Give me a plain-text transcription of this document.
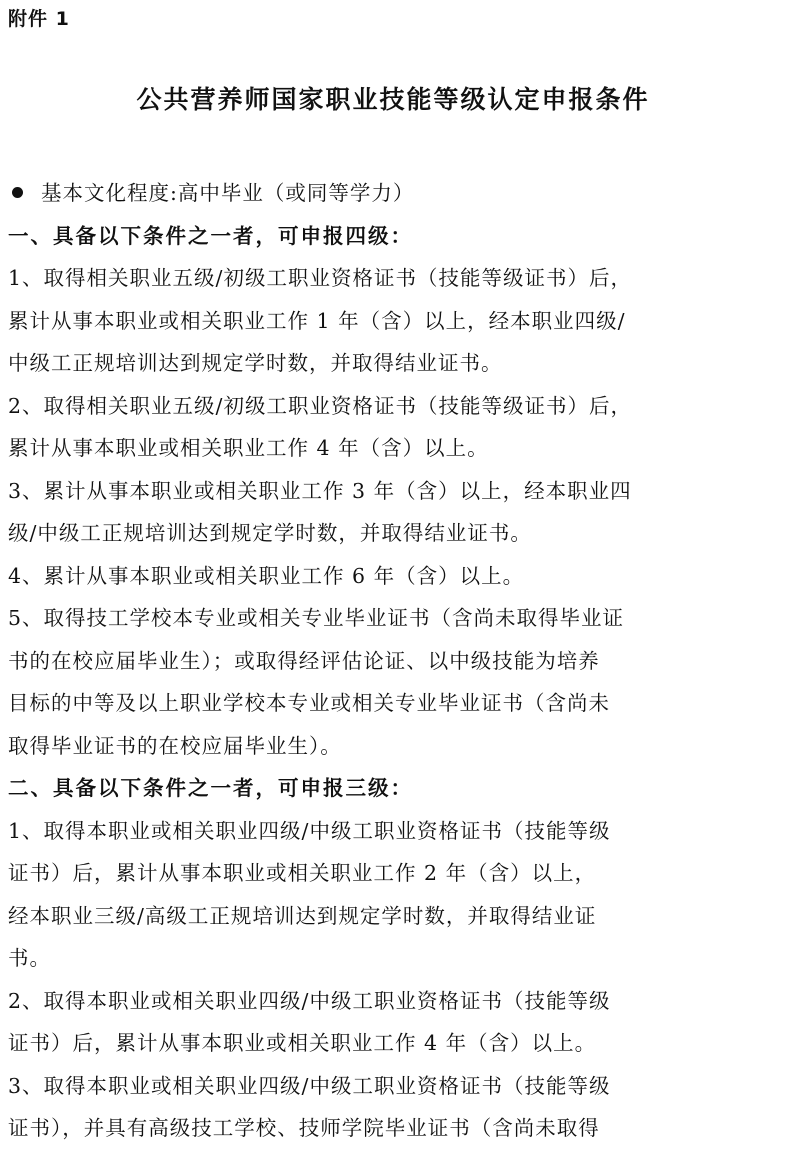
附件 1
公共营养师国家职业技能等级认定申报条件
基本文化程度:高中毕业（或同等学力）
一、具备以下条件之一者，可申报四级：
1、取得相关职业五级/初级工职业资格证书（技能等级证书）后，
累计从事本职业或相关职业工作 1 年（含）以上，经本职业四级/
中级工正规培训达到规定学时数，并取得结业证书。
2、取得相关职业五级/初级工职业资格证书（技能等级证书）后，
累计从事本职业或相关职业工作 4 年（含）以上。
3、累计从事本职业或相关职业工作 3 年（含）以上，经本职业四
级/中级工正规培训达到规定学时数，并取得结业证书。
4、累计从事本职业或相关职业工作 6 年（含）以上。
5、取得技工学校本专业或相关专业毕业证书（含尚未取得毕业证
书的在校应届毕业生）；或取得经评估论证、以中级技能为培养
目标的中等及以上职业学校本专业或相关专业毕业证书（含尚未
取得毕业证书的在校应届毕业生）。
二、具备以下条件之一者，可申报三级：
1、取得本职业或相关职业四级/中级工职业资格证书（技能等级
证书）后，累计从事本职业或相关职业工作 2 年（含）以上，
经本职业三级/高级工正规培训达到规定学时数，并取得结业证
书。
2、取得本职业或相关职业四级/中级工职业资格证书（技能等级
证书）后，累计从事本职业或相关职业工作 4 年（含）以上。
3、取得本职业或相关职业四级/中级工职业资格证书（技能等级
证书），并具有高级技工学校、技师学院毕业证书（含尚未取得
